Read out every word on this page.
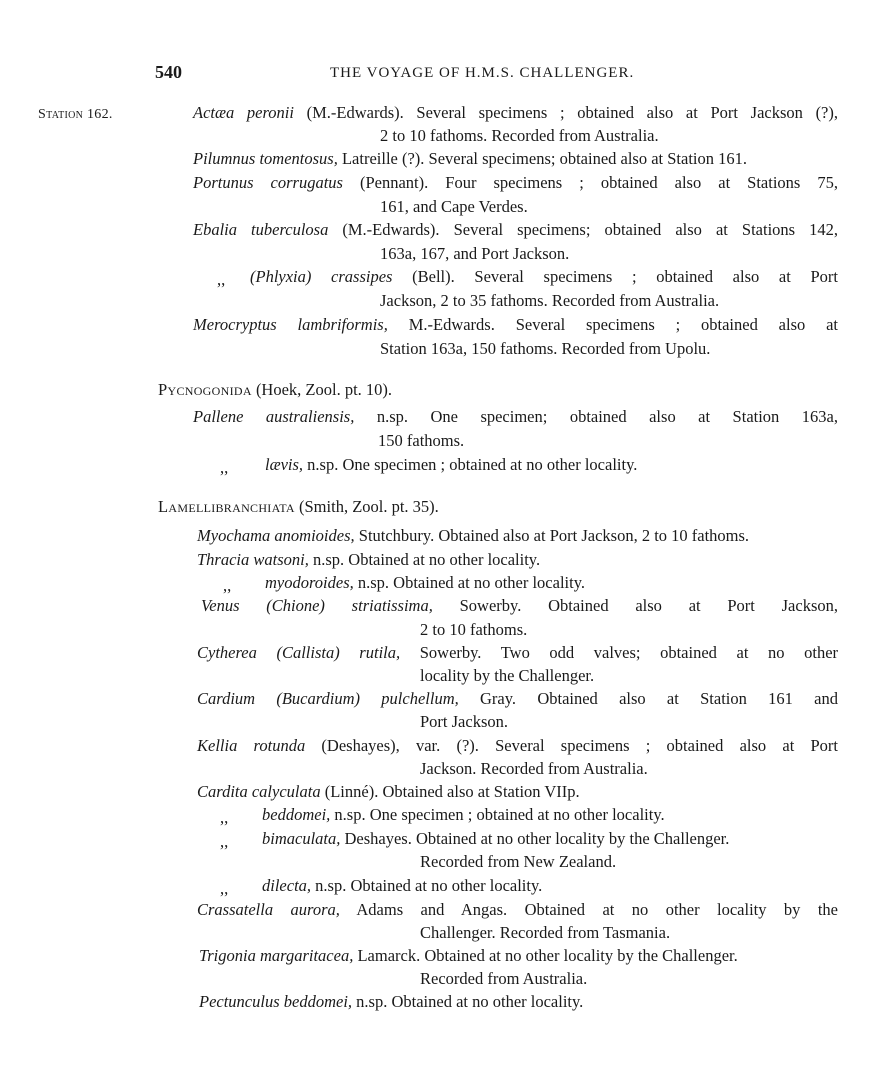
540	THE VOYAGE OF H.M.S. CHALLENGER.
Station 162.	Actæa peronii (M.-Edwards). Several specimens ; obtained also at Port Jackson (?),
2 to 10 fathoms. Recorded from Australia.
Pilumnus tomentosus, Latreille (?). Several specimens; obtained also at Station 161.
Portunus corrugatus (Pennant). Four specimens ; obtained also at Stations 75,
161, and Cape Verdes.
Ebalia tuberculosa (M.-Edwards). Several specimens; obtained also at Stations 142,
163a, 167, and Port Jackson.
,, (Phlyxia) crassipes (Bell). Several specimens ; obtained also at Port
Jackson, 2 to 35 fathoms. Recorded from Australia.
Merocryptus lambriformis, M.-Edwards. Several specimens ; obtained also at
Station 163a, 150 fathoms. Recorded from Upolu.
Pycnogonida (Hoek, Zool. pt. 10).
Pallene australiensis, n.sp. One specimen; obtained also at Station 163a,
150 fathoms.
,, lævis, n.sp. One specimen ; obtained at no other locality.
Lamellibranchiata (Smith, Zool. pt. 35).
Myochama anomioides, Stutchbury. Obtained also at Port Jackson, 2 to 10 fathoms.
Thracia watsoni, n.sp. Obtained at no other locality.
,, myodoroides, n.sp. Obtained at no other locality.
Venus (Chione) striatissima, Sowerby. Obtained also at Port Jackson,
2 to 10 fathoms.
Cytherea (Callista) rutila, Sowerby. Two odd valves; obtained at no other
locality by the Challenger.
Cardium (Bucardium) pulchellum, Gray. Obtained also at Station 161 and
Port Jackson.
Kellia rotunda (Deshayes), var. (?). Several specimens ; obtained also at Port
Jackson. Recorded from Australia.
Cardita calyculata (Linné). Obtained also at Station VIIp.
,, beddomei, n.sp. One specimen ; obtained at no other locality.
,, bimaculata, Deshayes. Obtained at no other locality by the Challenger.
Recorded from New Zealand.
,, dilecta, n.sp. Obtained at no other locality.
Crassatella aurora, Adams and Angas. Obtained at no other locality by the
Challenger. Recorded from Tasmania.
Trigonia margaritacea, Lamarck. Obtained at no other locality by the Challenger.
Recorded from Australia.
Pectunculus beddomei, n.sp. Obtained at no other locality.
